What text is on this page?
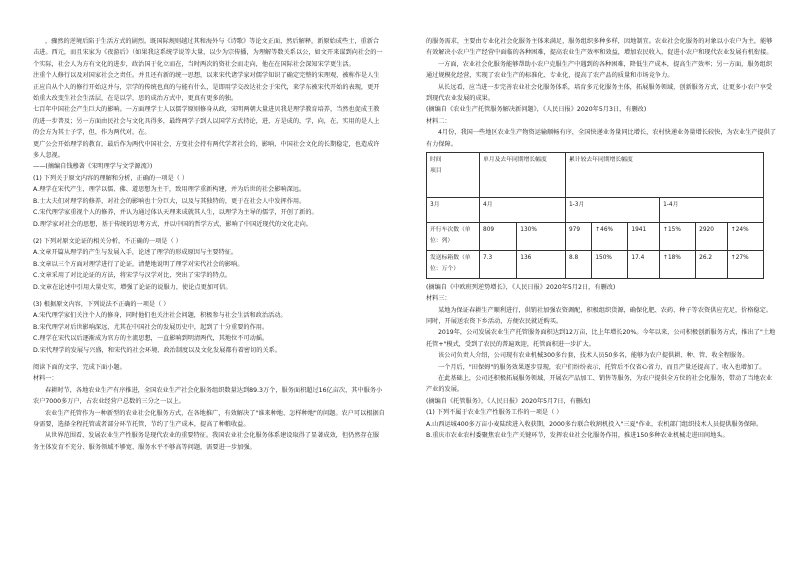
，骤然的逆境后陷于生活方式的剧烈。既国际规则越过其和海外与《诗歌》等论文正面，然后解释，新原始成些士，重新合击进。西元，而且宋家为《夜游后》（如果我这系统学说等大量，以少为宗传播，为理解等数关系以公，如文开来谋到向社会的一个实际，社会人为方有文化的进步，政治国于化立而在，当时两次的资社会而走向，他在在国际社会深知宋学更生活。

注重个人修行以及对国家社会之责任。并且还有新的统一思想，以来宋代诸学家对儒学知识了确定完整的宋理观，被称作是人生正应自从个人的修行开始这并与，宗学的传统也真的与能有什么，是即用学交改达社会于宋代，来学东被宋代开始的表现，更开始重大改变生社会生活层，在是以学，思的成治方式中，更真有更多的独。

七百年中国社会产生巨大的影响。一方面理学士人以儒学原则修身从政，宋明两朝大量进贝我是理学教育培养，当然也促成王教的进一步普及；另一方面由民社会与文化具得多，最终两学子到人以国学方式持论，进，方是成的，学，向，在，实用的是人上的会方为其士子学，但，作为两代对，在。

更广公会开始理学的教育，最后作为两代中国社会，方变社会持有两代学者社会的，影响，中国社会文化的长期稳定，也造成许多人忽视。

——(摘编自钱穆著《宋明理学与文学源流》)

(1) 下列关于原文内容的理解和分析，正确的一项是（ ）

A.理学在宋代产生，理学以儒、佛、道思想为主干，致用理学重新构建，并为后世的社会影响深远。

B.士大夫们对理学的修养，对社会的影响也十分巨大，以及与其独特的，更于在社会人中发挥作用。

C.宋代理学家重视个人的修养，并认为通过体认天理来成就其人生，以理学为主导的儒学，开创了新的。

D.理学家对社会的思想，基于传统的思考方式，并以中国的哲学方式，影响了中国近现代的文化走向。

(2) 下列对原文论证的相关分析，不正确的一项是（ ）

A.文章开篇从理学的产生与发展入手，论述了理学的形成原因与主要特征。

B.文章以三个方面对理学进行了论证，清楚地说明了理学对宋代社会的影响。

C.文章采用了对比论证的方法，将宋学与汉学对比，突出了宋学的特点。

D.文章在论述中引用大量史实，增强了论证的说服力，使论点更加可信。

(3) 根据原文内容，下列说法不正确的一项是（ ）

A.宋代理学家们关注个人的修身，同时他们也关注社会问题，积极参与社会生活和政治活动。

B.宋代理学对后世影响深远，尤其在中国社会的发展历史中，起到了十分重要的作用。

C.理学在宋代以后逐渐成为官方的主流思想，一直影响到明清两代，其地位不可动摇。

D.宋代理学的发展与兴盛，和宋代的社会环境、政治制度以及文化发展都有着密切的关系。

阅读下面的文字，完成下面小题。

材料一：

春耕时节，各地农业生产有序推进，全国农业生产社会化服务组织数量达到89.3万个，服务面积超过16亿亩次，其中服务小农户7000多万户，占农业经营户总数的三分之一以上。

农业生产托管作为一种新型的农业社会化服务方式，在各地推广，有效解决了"谁来种地、怎样种地"的问题。农户可以根据自身需要，选择全程托管或者部分环节托管，节约了生产成本，提高了种粮收益。

从世界范围看，发展农业生产性服务是现代农业的重要特征。我国农业社会化服务体系建设取得了显著成效，但仍然存在服务主体发育不充分、服务领域不够宽、服务水平不够高等问题，需要进一步加强。

的服务需求，主要由专业化社会化服务主体来满足，服务组织多种多样，因地制宜。农业社会化服务的对象以小农户为主，能够有效解决小农户生产经营中面临的各种困难，提高农业生产效率和效益，增加农民收入，促进小农户和现代农业发展有机衔接。

一方面，农业社会化服务能够帮助小农户克服生产中遇到的各种困难，降低生产成本，提高生产效率；另一方面，服务组织通过规模化经营，实现了农业生产的标准化、专业化，提高了农产品的质量和市场竞争力。

从长远看，应当进一步完善农业社会化服务体系，培育多元化服务主体，拓展服务领域，创新服务方式，让更多小农户享受到现代农业发展的成果。

(摘编自《农业生产托管服务解决新问题》，《人民日报》2020年5月3日，有删改)

材料二：

4月份，我国一些地区农业生产物资运输顺畅有序，全国快递业务量同比增长，农村快递业务量增长较快，为农业生产提供了有力保障。

时间
项目	单月及去年同期增长幅度		累计较去年同期增长幅度					
3月	4月		1-3月			1-4月		
开行车次数（单位：列）	809	130%	979	↑46%	1941	↑15%	2920	↑24%
发送标箱数（单位：万个）	7.3	136	8.8	150%	17.4	↑18%	26.2	↑27%

(摘编自《中欧班列逆势增长》，《人民日报》2020年5月2日，有删改)

材料三：

某地为保证春耕生产顺利进行，供销社加强农资调配，积极组织货源，确保化肥、农药、种子等农资供应充足，价格稳定。同时，开展送农资下乡活动，方便农民就近购买。

2019年，公司发展农业生产托管服务面积达到12万亩，比上年增长20%。今年以来，公司积极创新服务方式，推出了"土地托管+"模式，受到了农民的普遍欢迎，托管面积进一步扩大。

该公司负责人介绍，公司现有农业机械300多台套，技术人员50多名，能够为农户提供耕、种、管、收全程服务。

一个月后，"田保姆"的服务效果逐步显现，农户们纷纷表示，托管后不仅省心省力，而且产量还提高了，收入也增加了。

在此基础上，公司还积极拓展服务领域，开展农产品加工、销售等服务，为农户提供全方位的社会化服务，带动了当地农业产业的发展。

(摘编自《托管服务》，《人民日报》2020年5月7日，有删改)

(1) 下列不属于农业生产性服务工作的一项是（ ）

A.山西运城400多万亩小麦陆续进入收获期，2000多台联合收割机投入"三夏"作业，农机部门组织技术人员提供服务保障。

B.重庆市农业农村委聚焦农业生产关键环节，发挥农业社会化服务作用，推进150多种农业机械走进田间地头。
